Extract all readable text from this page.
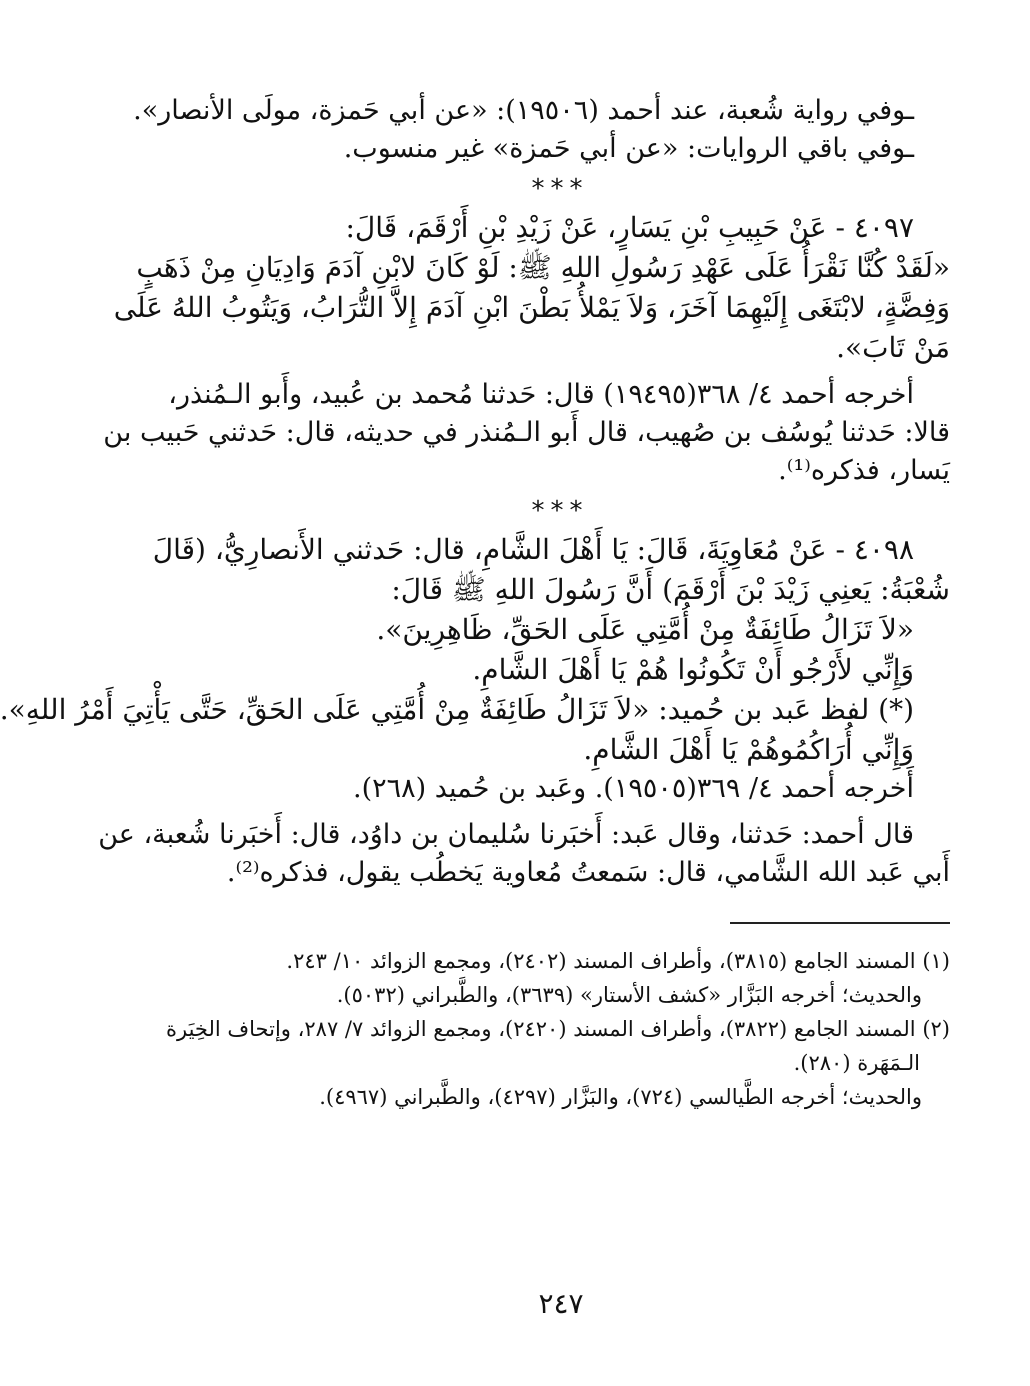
ـوفي رواية شُعبة، عند أحمد (١٩٥٠٦): «عن أبي حَمزة، مولَى الأنصار».
ـوفي باقي الروايات: «عن أبي حَمزة» غير منسوب.
***
٤٠٩٧ - عَنْ حَبِيبِ بْنِ يَسَارٍ، عَنْ زَيْدِ بْنِ أَرْقَمَ، قَالَ:
«لَقَدْ كُنَّا نَقْرَأُ عَلَى عَهْدِ رَسُولِ اللهِ ﷺ: لَوْ كَانَ لابْنِ آدَمَ وَادِيَانِ مِنْ ذَهَبٍ
وَفِضَّةٍ، لابْتَغَى إِلَيْهِمَا آخَرَ، وَلاَ يَمْلأُ بَطْنَ ابْنِ آدَمَ إِلاَّ التُّرَابُ، وَيَتُوبُ اللهُ عَلَى
مَنْ تَابَ».
أخرجه أحمد ٤/ ٣٦٨(١٩٤٩٥) قال: حَدثنا مُحمد بن عُبيد، وأَبو الـمُنذر،
قالا: حَدثنا يُوسُف بن صُهيب، قال أَبو الـمُنذر في حديثه، قال: حَدثني حَبيب بن
يَسار، فذكره⁽¹⁾.
***
٤٠٩٨ - عَنْ مُعَاوِيَةَ، قَالَ: يَا أَهْلَ الشَّامِ، قال: حَدثني الأَنصارِيُّ، (قَالَ
شُعْبَةُ: يَعنِي زَيْدَ بْنَ أَرْقَمَ) أَنَّ رَسُولَ اللهِ ﷺ قَالَ:
«لاَ تَزَالُ طَائِفَةٌ مِنْ أُمَّتِي عَلَى الحَقِّ، ظَاهِرِينَ».
وَإِنِّي لأَرْجُو أَنْ تَكُونُوا هُمْ يَا أَهْلَ الشَّامِ.
(*) لفظ عَبد بن حُميد: «لاَ تَزَالُ طَائِفَةٌ مِنْ أُمَّتِي عَلَى الحَقِّ، حَتَّى يَأْتِيَ أَمْرُ اللهِ».
وَإِنِّي أُرَاكُمُوهُمْ يَا أَهْلَ الشَّامِ.
أَخرجه أحمد ٤/ ٣٦٩(١٩٥٠٥). وعَبد بن حُميد (٢٦٨).
قال أحمد: حَدثنا، وقال عَبد: أَخبَرنا سُليمان بن داوُد، قال: أَخبَرنا شُعبة، عن
أَبي عَبد الله الشَّامي، قال: سَمعتُ مُعاوية يَخطُب يقول، فذكره⁽²⁾.
(١) المسند الجامع (٣٨١٥)، وأطراف المسند (٢٤٠٢)، ومجمع الزوائد ١٠/ ٢٤٣.
والحديث؛ أخرجه البَزَّار «كشف الأستار» (٣٦٣٩)، والطَّبراني (٥٠٣٢).
(٢) المسند الجامع (٣٨٢٢)، وأطراف المسند (٢٤٢٠)، ومجمع الزوائد ٧/ ٢٨٧، وإتحاف الخِيَرة
الـمَهَرة (٢٨٠).
والحديث؛ أخرجه الطَّيالسي (٧٢٤)، والبَزَّار (٤٢٩٧)، والطَّبراني (٤٩٦٧).
٢٤٧
